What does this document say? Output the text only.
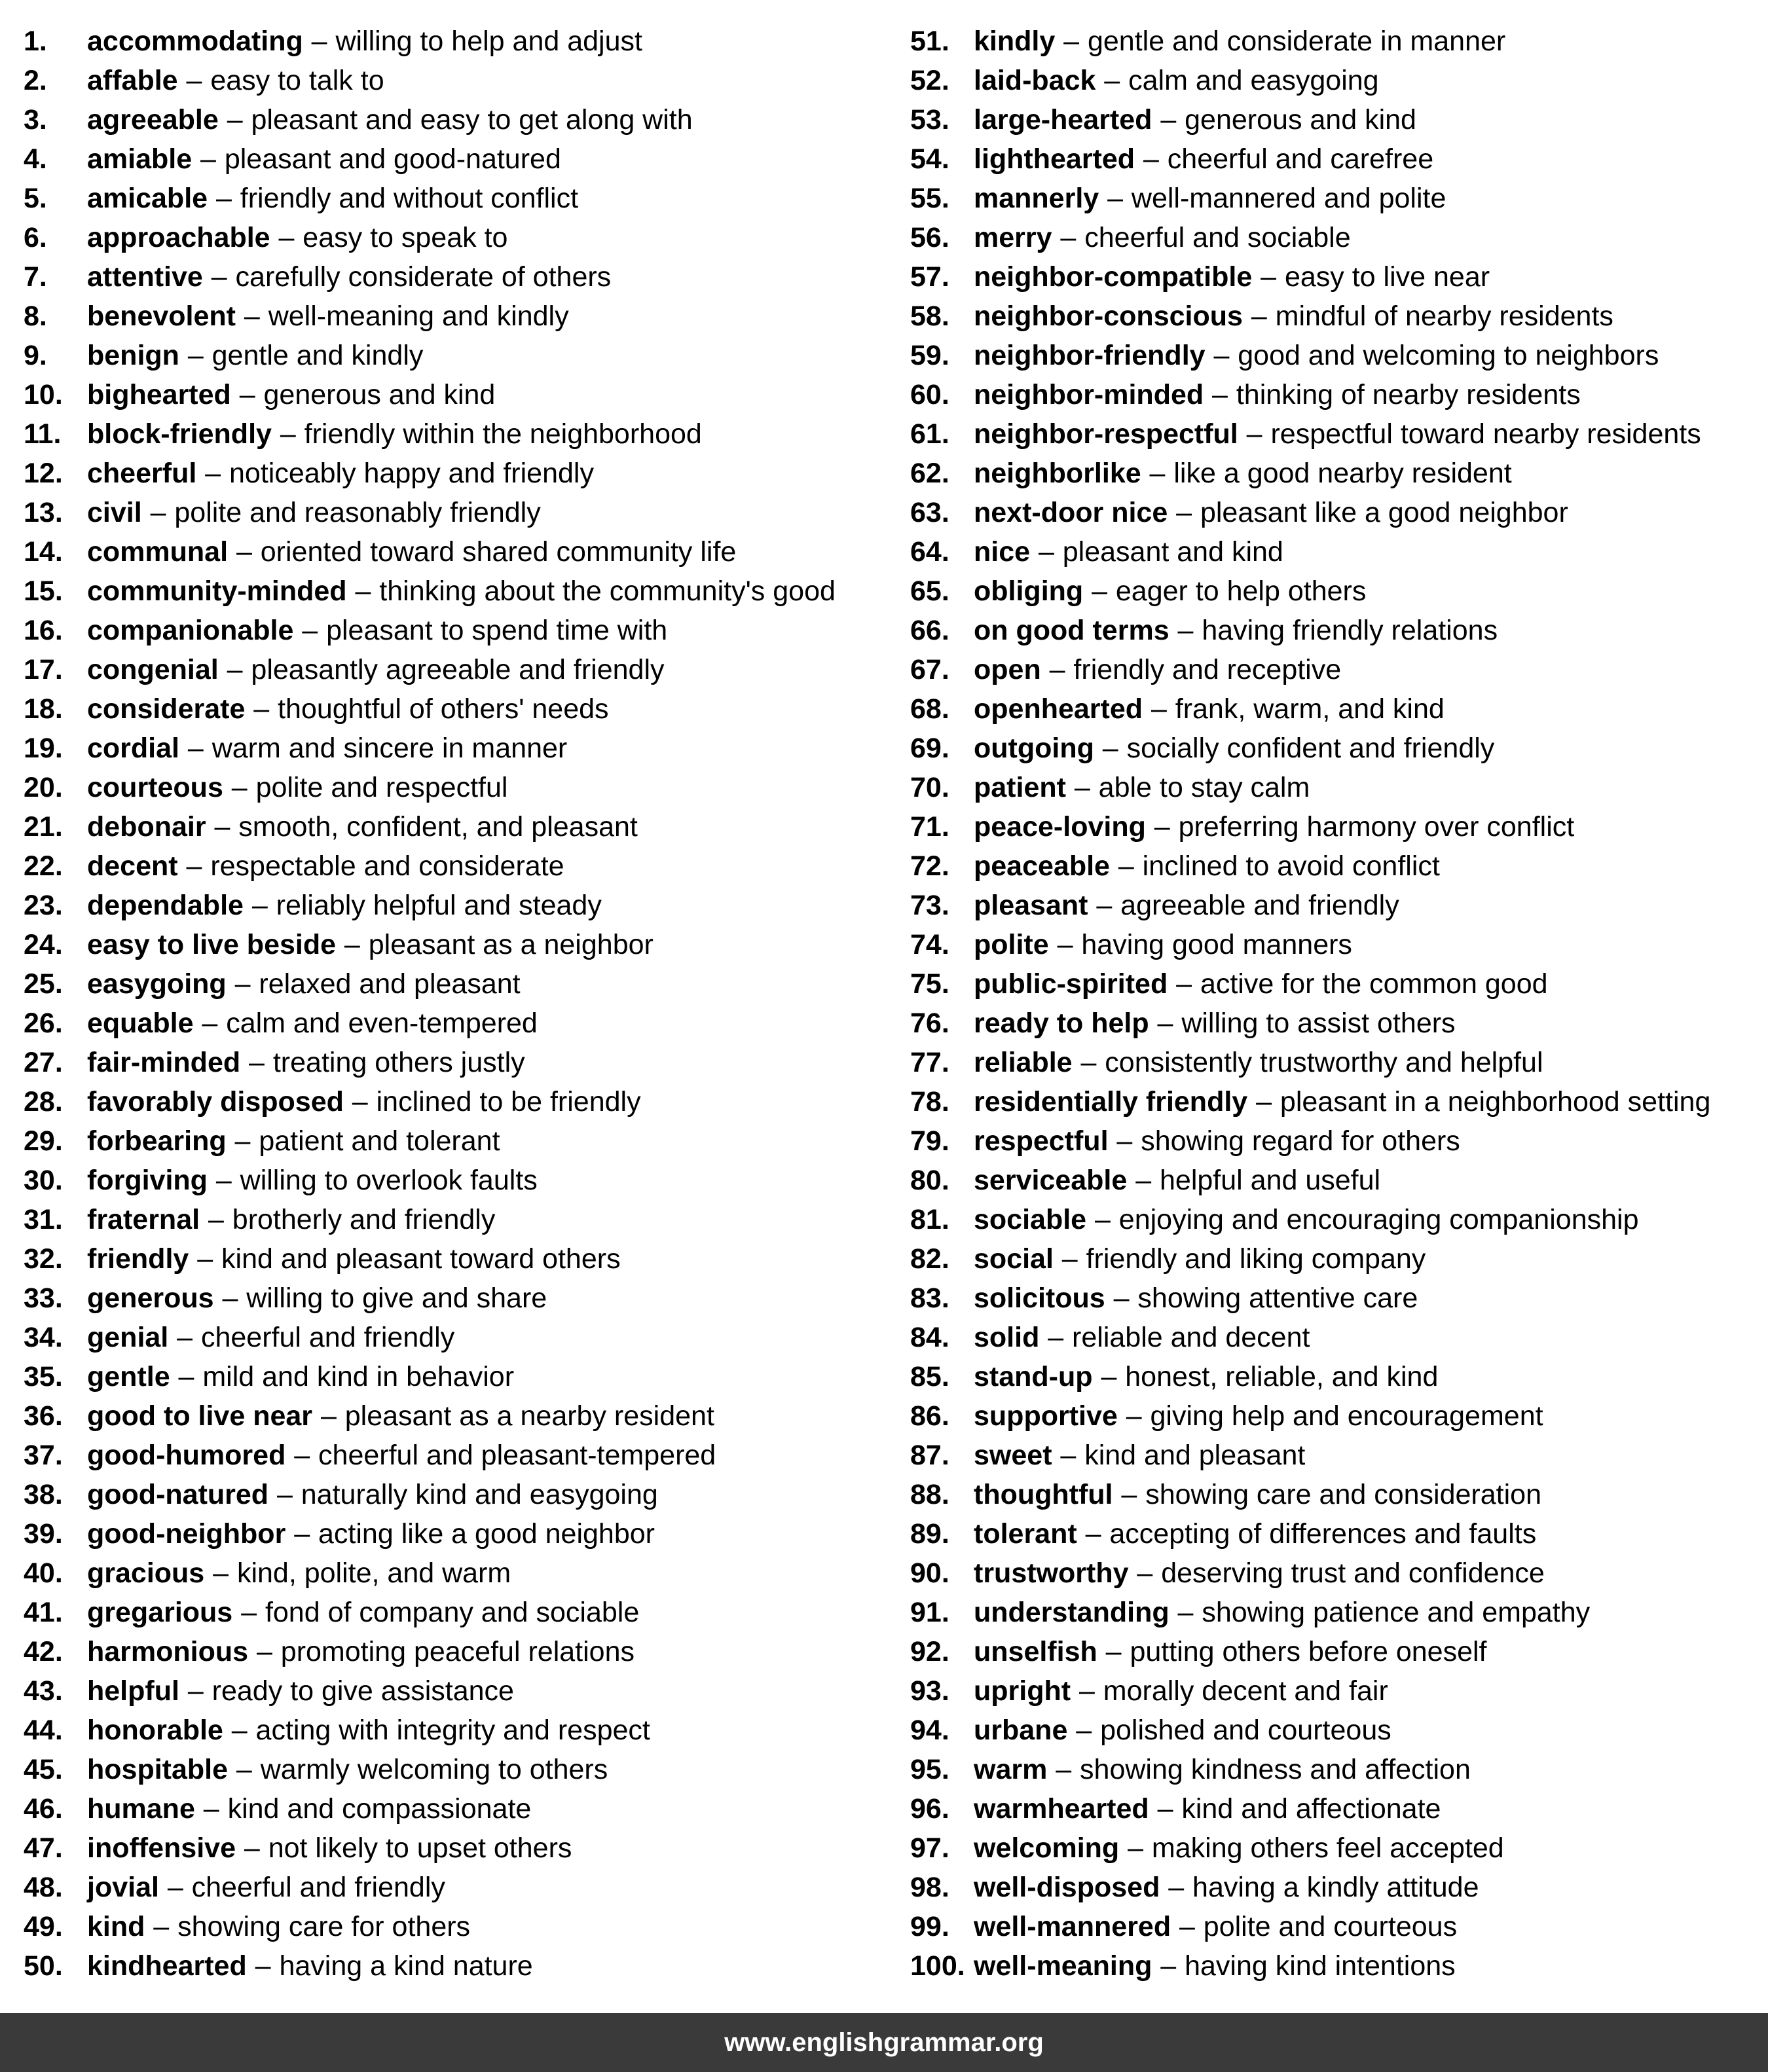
1.	accommodating – willing to help and adjust
2.	affable – easy to talk to
3.	agreeable – pleasant and easy to get along with
4.	amiable – pleasant and good-natured
5.	amicable – friendly and without conflict
6.	approachable – easy to speak to
7.	attentive – carefully considerate of others
8.	benevolent – well-meaning and kindly
9.	benign – gentle and kindly
10. bighearted – generous and kind
11. block-friendly – friendly within the neighborhood
12. cheerful – noticeably happy and friendly
13. civil – polite and reasonably friendly
14. communal – oriented toward shared community life
15. community-minded – thinking about the community's good
16. companionable – pleasant to spend time with
17. congenial – pleasantly agreeable and friendly
18. considerate – thoughtful of others' needs
19. cordial – warm and sincere in manner
20. courteous – polite and respectful
21. debonair – smooth, confident, and pleasant
22. decent – respectable and considerate
23. dependable – reliably helpful and steady
24. easy to live beside – pleasant as a neighbor
25. easygoing – relaxed and pleasant
26. equable – calm and even-tempered
27. fair-minded – treating others justly
28. favorably disposed – inclined to be friendly
29. forbearing – patient and tolerant
30. forgiving – willing to overlook faults
31. fraternal – brotherly and friendly
32. friendly – kind and pleasant toward others
33. generous – willing to give and share
34. genial – cheerful and friendly
35. gentle – mild and kind in behavior
36. good to live near – pleasant as a nearby resident
37. good-humored – cheerful and pleasant-tempered
38. good-natured – naturally kind and easygoing
39. good-neighbor – acting like a good neighbor
40. gracious – kind, polite, and warm
41. gregarious – fond of company and sociable
42. harmonious – promoting peaceful relations
43. helpful – ready to give assistance
44. honorable – acting with integrity and respect
45. hospitable – warmly welcoming to others
46. humane – kind and compassionate
47. inoffensive – not likely to upset others
48. jovial – cheerful and friendly
49. kind – showing care for others
50. kindhearted – having a kind nature
51. kindly – gentle and considerate in manner
52. laid-back – calm and easygoing
53. large-hearted – generous and kind
54. lighthearted – cheerful and carefree
55. mannerly – well-mannered and polite
56. merry – cheerful and sociable
57. neighbor-compatible – easy to live near
58. neighbor-conscious – mindful of nearby residents
59. neighbor-friendly – good and welcoming to neighbors
60. neighbor-minded – thinking of nearby residents
61. neighbor-respectful – respectful toward nearby residents
62. neighborlike – like a good nearby resident
63. next-door nice – pleasant like a good neighbor
64. nice – pleasant and kind
65. obliging – eager to help others
66. on good terms – having friendly relations
67. open – friendly and receptive
68. openhearted – frank, warm, and kind
69. outgoing – socially confident and friendly
70. patient – able to stay calm
71. peace-loving – preferring harmony over conflict
72. peaceable – inclined to avoid conflict
73. pleasant – agreeable and friendly
74. polite – having good manners
75. public-spirited – active for the common good
76. ready to help – willing to assist others
77. reliable – consistently trustworthy and helpful
78. residentially friendly – pleasant in a neighborhood setting
79. respectful – showing regard for others
80. serviceable – helpful and useful
81. sociable – enjoying and encouraging companionship
82. social – friendly and liking company
83. solicitous – showing attentive care
84. solid – reliable and decent
85. stand-up – honest, reliable, and kind
86. supportive – giving help and encouragement
87. sweet – kind and pleasant
88. thoughtful – showing care and consideration
89. tolerant – accepting of differences and faults
90. trustworthy – deserving trust and confidence
91. understanding – showing patience and empathy
92. unselfish – putting others before oneself
93. upright – morally decent and fair
94. urbane – polished and courteous
95. warm – showing kindness and affection
96. warmhearted – kind and affectionate
97. welcoming – making others feel accepted
98. well-disposed – having a kindly attitude
99. well-mannered – polite and courteous
100. well-meaning – having kind intentions
www.englishgrammar.org
